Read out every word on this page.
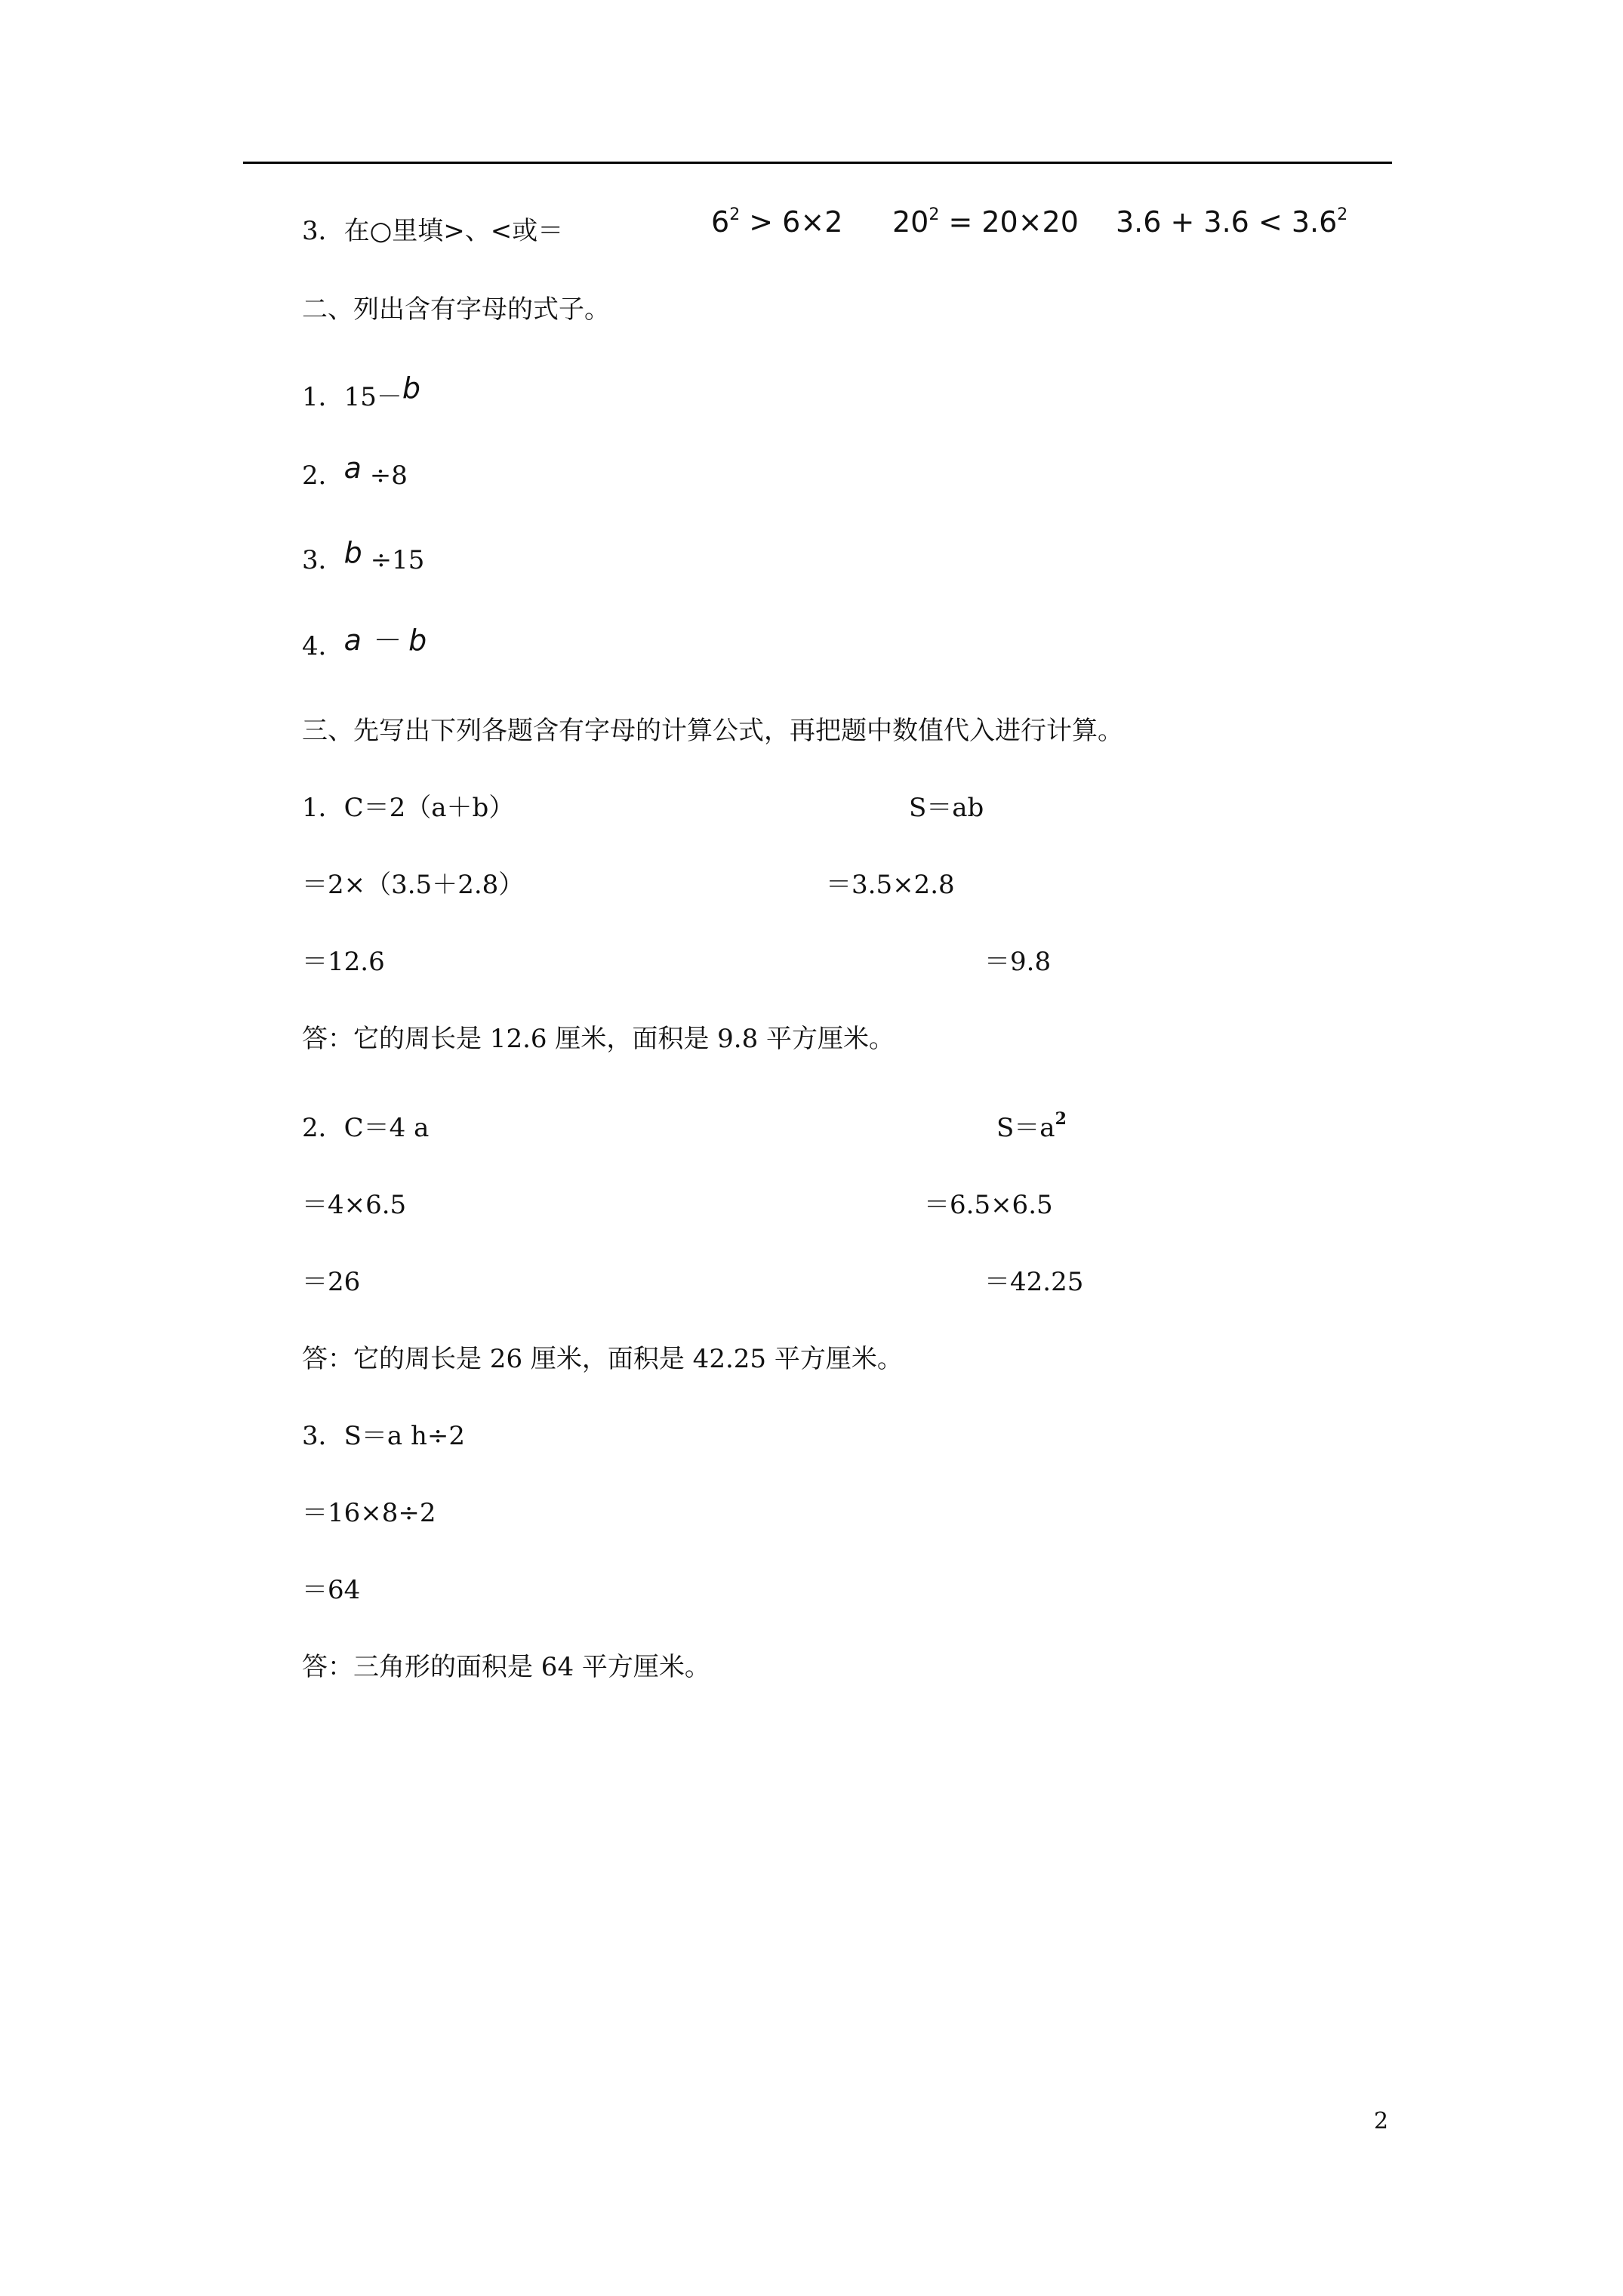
3．在○里填>、<或＝	$6^2 > 6\times 2$ $20^2 = 20\times 20$ $3.6 + 3.6 < 3.6^2$
二、列出含有字母的式子。
1．15－b
2．a ÷8
3．b ÷15
4．a － b
三、先写出下列各题含有字母的计算公式，再把题中数值代入进行计算。
1．C＝2（a＋b）	S＝ab
＝2×（3.5＋2.8）	＝3.5×2.8
＝12.6	＝9.8
答：它的周长是 12.6 厘米，面积是 9.8 平方厘米。
2．C＝4 a	$S=a^2$
＝4×6.5	＝6.5×6.5
＝26	＝42.25
答：它的周长是 26 厘米，面积是 42.25 平方厘米。
3．S＝a h÷2
＝16×8÷2
＝64
答：三角形的面积是 64 平方厘米。
2
